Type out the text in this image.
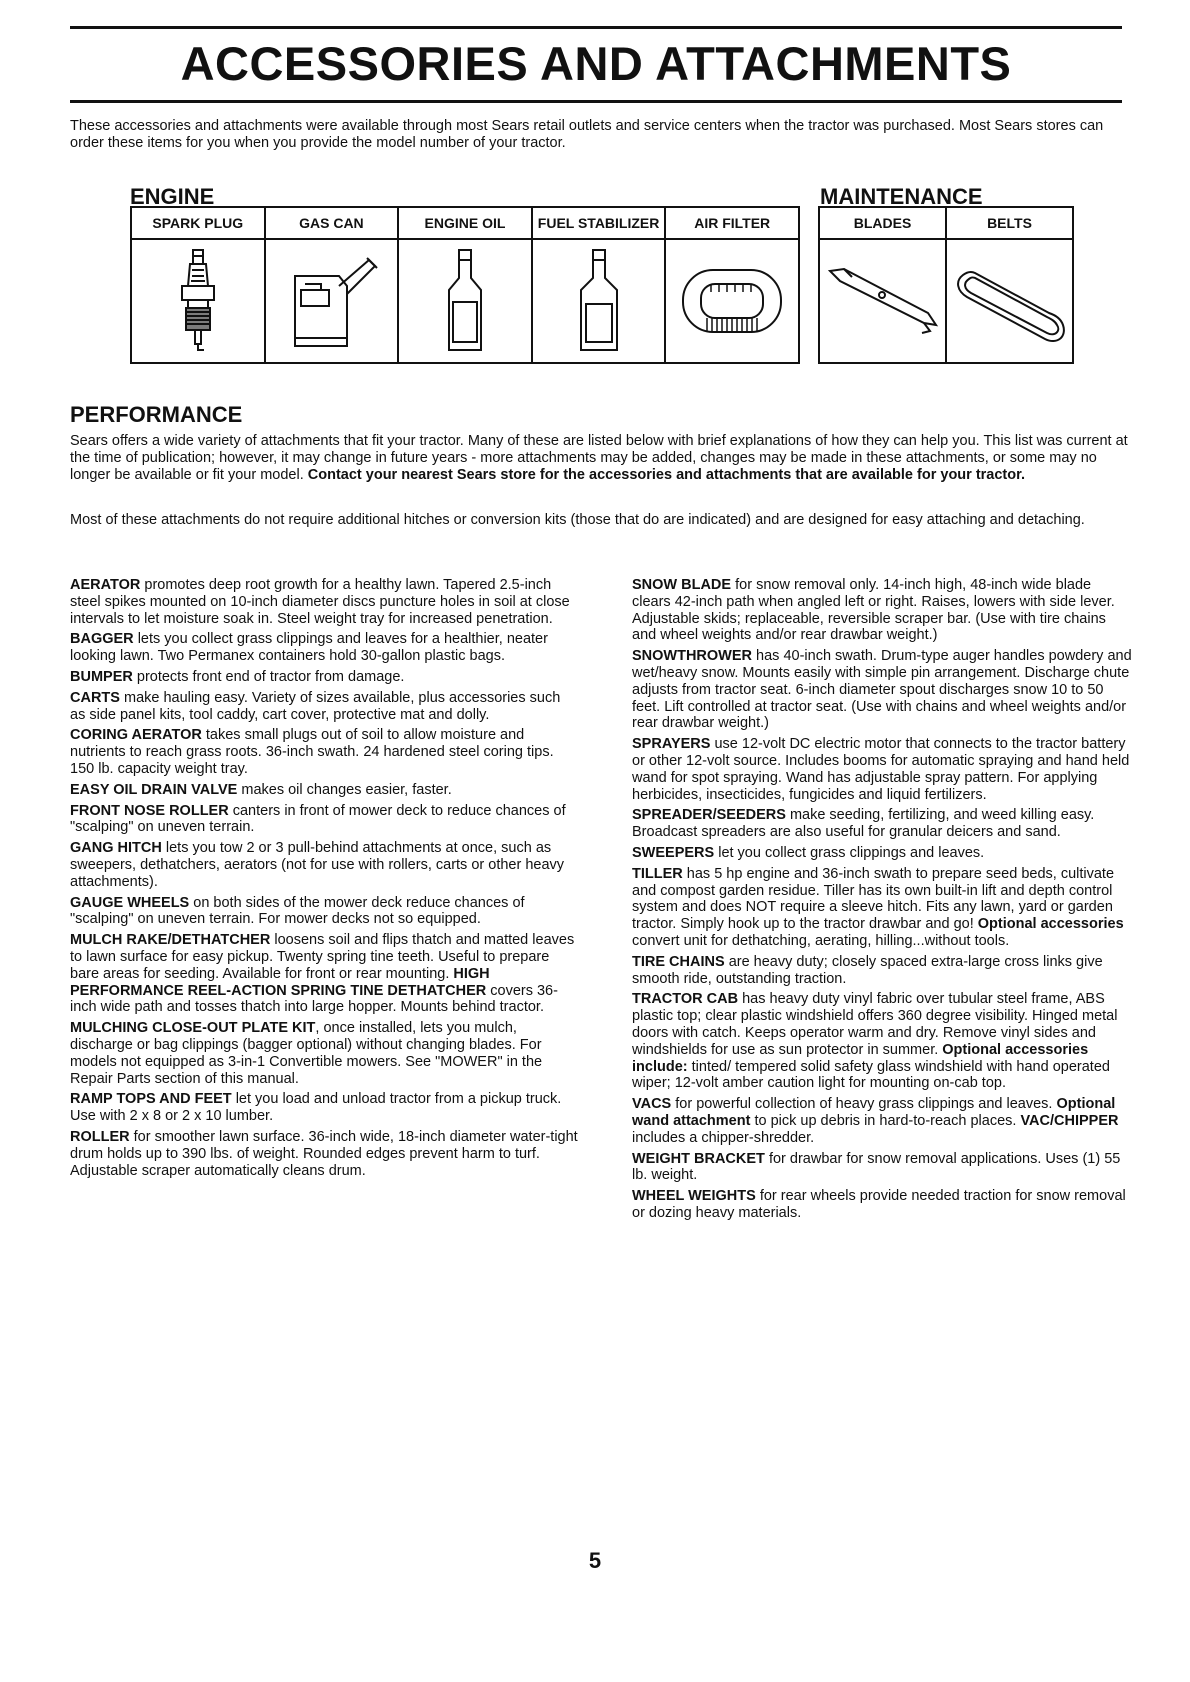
ACCESSORIES AND ATTACHMENTS
These accessories and attachments were available through most Sears retail outlets and service centers when the tractor was purchased. Most Sears stores can order these items for you when you provide the model number of your tractor.
ENGINE
SPARK PLUG	GAS CAN	ENGINE OIL	FUEL STABILIZER	AIR FILTER

MAINTENANCE
BLADES	BELTS

PERFORMANCE

Sears offers a wide variety of attachments that fit your tractor. Many of these are listed below with brief explanations of how they can help you. This list was current at the time of publication; however, it may change in future years - more attachments may be added, changes may be made in these attachments, or some may no longer be available or fit your model. Contact your nearest Sears store for the accessories and attachments that are available for your tractor.

Most of these attachments do not require additional hitches or conversion kits (those that do are indicated) and are designed for easy attaching and detaching.

AERATOR promotes deep root growth for a healthy lawn. Tapered 2.5-inch steel spikes mounted on 10-inch diameter discs puncture holes in soil at close intervals to let moisture soak in. Steel weight tray for increased penetration.

BAGGER lets you collect grass clippings and leaves for a healthier, neater looking lawn. Two Permanex containers hold 30-gallon plastic bags.

BUMPER protects front end of tractor from damage.

CARTS make hauling easy. Variety of sizes available, plus accessories such as side panel kits, tool caddy, cart cover, protective mat and dolly.

CORING AERATOR takes small plugs out of soil to allow moisture and nutrients to reach grass roots. 36-inch swath. 24 hardened steel coring tips. 150 lb. capacity weight tray.

EASY OIL DRAIN VALVE makes oil changes easier, faster.

FRONT NOSE ROLLER canters in front of mower deck to reduce chances of "scalping" on uneven terrain.

GANG HITCH lets you tow 2 or 3 pull-behind attachments at once, such as sweepers, dethatchers, aerators (not for use with rollers, carts or other heavy attachments).

GAUGE WHEELS on both sides of the mower deck reduce chances of "scalping" on uneven terrain. For mower decks not so equipped.

MULCH RAKE/DETHATCHER loosens soil and flips thatch and matted leaves to lawn surface for easy pickup. Twenty spring tine teeth. Useful to prepare bare areas for seeding. Available for front or rear mounting. HIGH PERFORMANCE REEL-ACTION SPRING TINE DETHATCHER covers 36-inch wide path and tosses thatch into large hopper. Mounts behind tractor.

MULCHING CLOSE-OUT PLATE KIT, once installed, lets you mulch, discharge or bag clippings (bagger optional) without changing blades. For models not equipped as 3-in-1 Convertible mowers. See "MOWER" in the Repair Parts section of this manual.

RAMP TOPS AND FEET let you load and unload tractor from a pickup truck. Use with 2 x 8 or 2 x 10 lumber.

ROLLER for smoother lawn surface. 36-inch wide, 18-inch diameter water-tight drum holds up to 390 lbs. of weight. Rounded edges prevent harm to turf. Adjustable scraper automatically cleans drum.

SNOW BLADE for snow removal only. 14-inch high, 48-inch wide blade clears 42-inch path when angled left or right. Raises, lowers with side lever. Adjustable skids; replaceable, reversible scraper bar. (Use with tire chains and wheel weights and/or rear drawbar weight.)

SNOWTHROWER has 40-inch swath. Drum-type auger handles powdery and wet/heavy snow. Mounts easily with simple pin arrangement. Discharge chute adjusts from tractor seat. 6-inch diameter spout discharges snow 10 to 50 feet. Lift controlled at tractor seat. (Use with chains and wheel weights and/or rear drawbar weight.)

SPRAYERS use 12-volt DC electric motor that connects to the tractor battery or other 12-volt source. Includes booms for automatic spraying and hand held wand for spot spraying. Wand has adjustable spray pattern. For applying herbicides, insecticides, fungicides and liquid fertilizers.

SPREADER/SEEDERS make seeding, fertilizing, and weed killing easy. Broadcast spreaders are also useful for granular deicers and sand.

SWEEPERS let you collect grass clippings and leaves.

TILLER has 5 hp engine and 36-inch swath to prepare seed beds, cultivate and compost garden residue. Tiller has its own built-in lift and depth control system and does NOT require a sleeve hitch. Fits any lawn, yard or garden tractor. Simply hook up to the tractor drawbar and go! Optional accessories convert unit for dethatching, aerating, hilling...without tools.

TIRE CHAINS are heavy duty; closely spaced extra-large cross links give smooth ride, outstanding traction.

TRACTOR CAB has heavy duty vinyl fabric over tubular steel frame, ABS plastic top; clear plastic windshield offers 360 degree visibility. Hinged metal doors with catch. Keeps operator warm and dry. Remove vinyl sides and windshields for use as sun protector in summer. Optional accessories include: tinted/ tempered solid safety glass windshield with hand operated wiper; 12-volt amber caution light for mounting on-cab top.

VACS for powerful collection of heavy grass clippings and leaves. Optional wand attachment to pick up debris in hard-to-reach places. VAC/CHIPPER includes a chipper-shredder.

WEIGHT BRACKET for drawbar for snow removal applications. Uses (1) 55 lb. weight.

WHEEL WEIGHTS for rear wheels provide needed traction for snow removal or dozing heavy materials.

5
